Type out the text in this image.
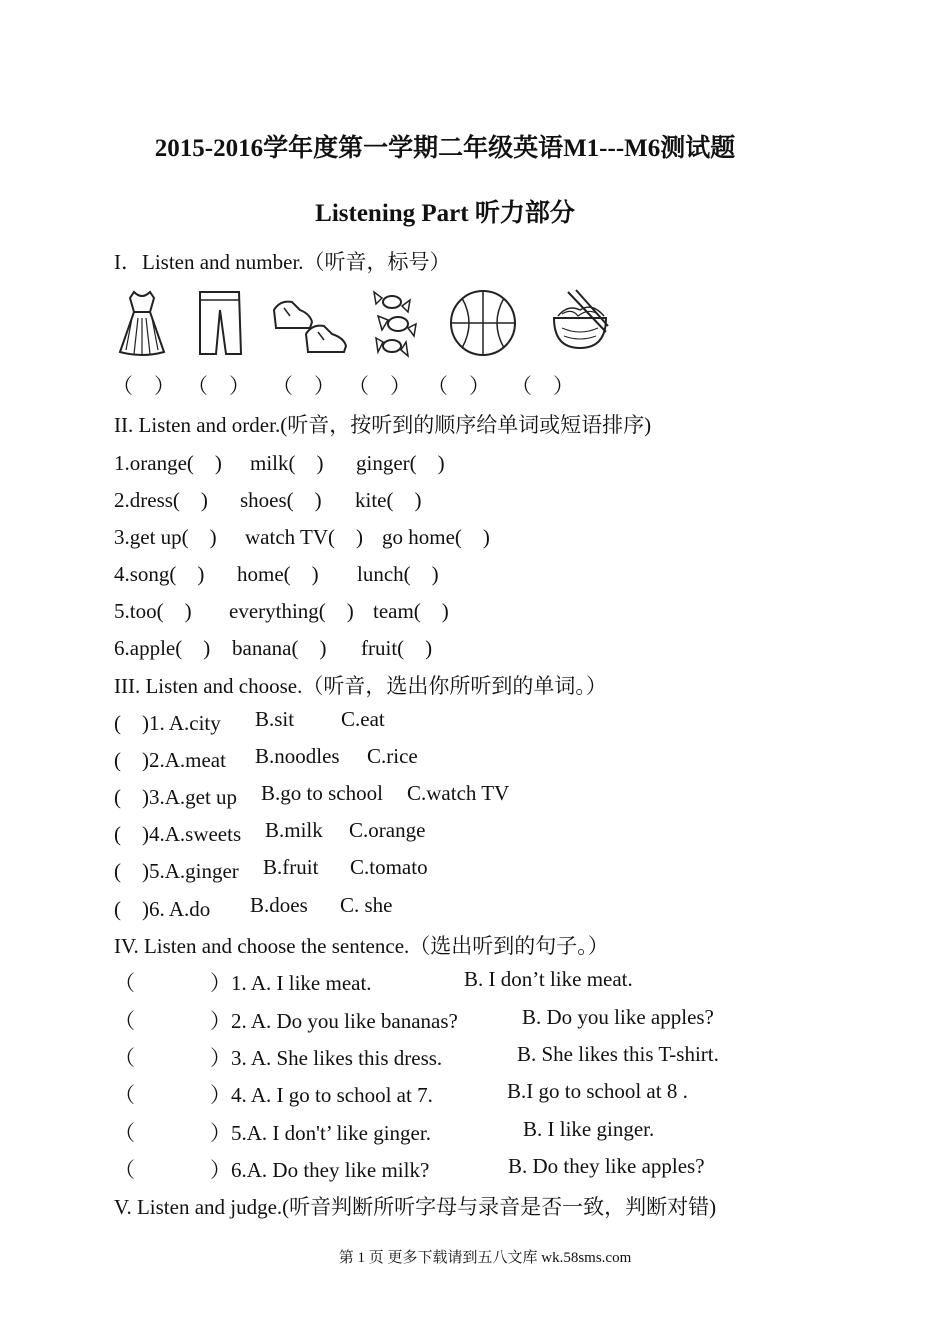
2015-2016学年度第一学期二年级英语M1---M6测试题
Listening Part 听力部分
I．Listen and number.（听音，标号）
（　） （　） （　） （　） （　） （　）
II. Listen and order.(听音，按听到的顺序给单词或短语排序)
1.orange(　) milk(　) ginger(　)
2.dress(　) shoes(　) kite(　)
3.get up(　) watch TV(　) go home(　)
4.song(　) home(　) lunch(　)
5.too(　) everything(　) team(　)
6.apple(　) banana(　) fruit(　)
III. Listen and choose.（听音，选出你所听到的单词。）
(　)1. A.city B.sit C.eat
(　)2.A.meat B.noodles C.rice
(　)3.A.get up B.go to school C.watch TV
(　)4.A.sweets B.milk C.orange
(　)5.A.ginger B.fruit C.tomato
(　)6. A.do B.does C. she
IV. Listen and choose the sentence.（选出听到的句子。）
（	）1. A. I like meat.	B. I don’t like meat.
（	）2. A. Do you like bananas?	B. Do you like apples?
（	）3. A. She likes this dress.	B. She likes this T-shirt.
（	）4. A. I go to school at 7.	B.I go to school at 8 .
（	）5.A. I don't’ like ginger.	B. I like ginger.
（	）6.A. Do they like milk?	B. Do they like apples?
V. Listen and judge.(听音判断所听字母与录音是否一致，判断对错)
第 1 页 更多下载请到五八文库 wk.58sms.com
